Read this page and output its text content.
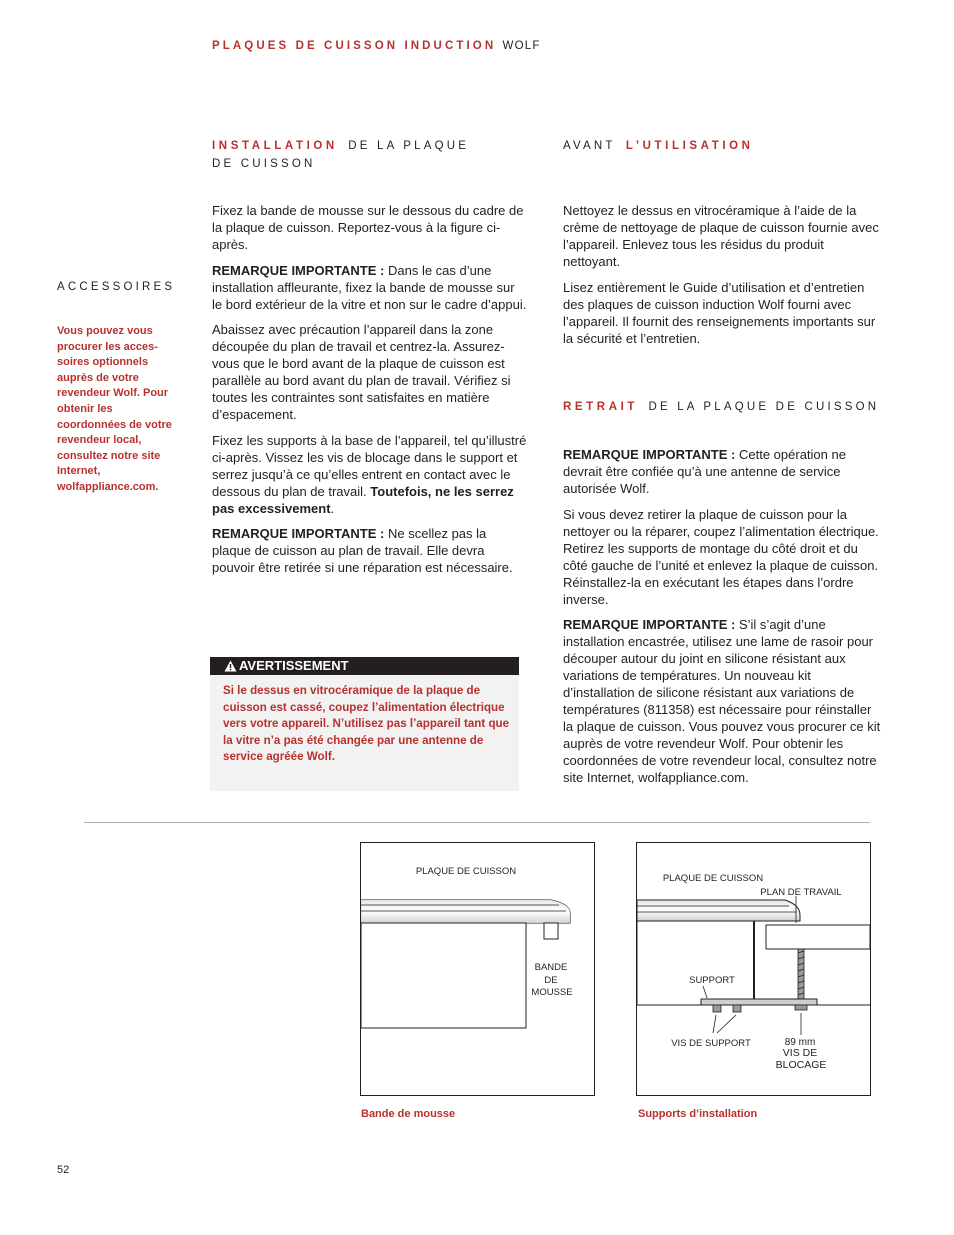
PLAQUES DE CUISSON INDUCTION WOLF
ACCESSOIRES
Vous pouvez vous procurer les acces-soires optionnels auprès de votre revendeur Wolf. Pour obtenir les coordonnées de votre revendeur local, consultez notre site Internet, wolfappliance.com.
INSTALLATION DE LA PLAQUE
DE CUISSON

Fixez la bande de mousse sur le dessous du cadre de la plaque de cuisson. Reportez-vous à la figure ci-après.

REMARQUE IMPORTANTE : Dans le cas d’une installation affleurante, fixez la bande de mousse sur le bord extérieur de la vitre et non sur le cadre d’appui.

Abaissez avec précaution l’appareil dans la zone découpée du plan de travail et centrez-la. Assurez-vous que le bord avant de la plaque de cuisson est parallèle au bord avant du plan de travail. Vérifiez si toutes les contraintes sont satisfaites en matière d’espacement.

Fixez les supports à la base de l’appareil, tel qu’illustré ci-après. Vissez les vis de blocage dans le support et serrez jusqu’à ce qu’elles entrent en contact avec le dessous du plan de travail. Toutefois, ne les serrez pas excessivement.

REMARQUE IMPORTANTE : Ne scellez pas la plaque de cuisson au plan de travail. Elle devra pouvoir être retirée si une réparation est nécessaire.

AVERTISSEMENT
Si le dessus en vitrocéramique de la plaque de cuisson est cassé, coupez l’alimentation électrique vers votre appareil. N’utilisez pas l’appareil tant que la vitre n’a pas été changée par une antenne de service agréée Wolf.
AVANT L’UTILISATION

Nettoyez le dessus en vitrocéramique à l’aide de la crème de nettoyage de plaque de cuisson fournie avec l’appareil. Enlevez tous les résidus du produit nettoyant.

Lisez entièrement le Guide d’utilisation et d’entretien des plaques de cuisson induction Wolf fourni avec l’appareil. Il fournit des renseignements importants sur la sécurité et l’entretien.

RETRAIT DE LA PLAQUE DE CUISSON

REMARQUE IMPORTANTE : Cette opération ne devrait être confiée qu’à une antenne de service autorisée Wolf.

Si vous devez retirer la plaque de cuisson pour la nettoyer ou la réparer, coupez l’alimentation électrique. Retirez les supports de montage du côté droit et du côté gauche de l’unité et enlevez la plaque de cuisson. Réinstallez-la en exécutant les étapes dans l’ordre inverse.

REMARQUE IMPORTANTE : S’il s’agit d’une installation encastrée, utilisez une lame de rasoir pour découper autour du joint en silicone résistant aux variations de températures. Un nouveau kit d’installation de silicone résistant aux variations de températures (811358) est nécessaire pour réinstaller la plaque de cuisson. Vous pouvez vous procurer ce kit auprès de votre revendeur Wolf. Pour obtenir les coordonnées de votre revendeur local, consultez notre site Internet, wolfappliance.com.

PLAQUE DE CUISSON
BANDE
DE
MOUSSE
Bande de mousse
PLAQUE DE CUISSON
PLAN DE TRAVAIL
SUPPORT
VIS DE SUPPORT	89 mm
VIS DE
BLOCAGE
Supports d’installation
52
